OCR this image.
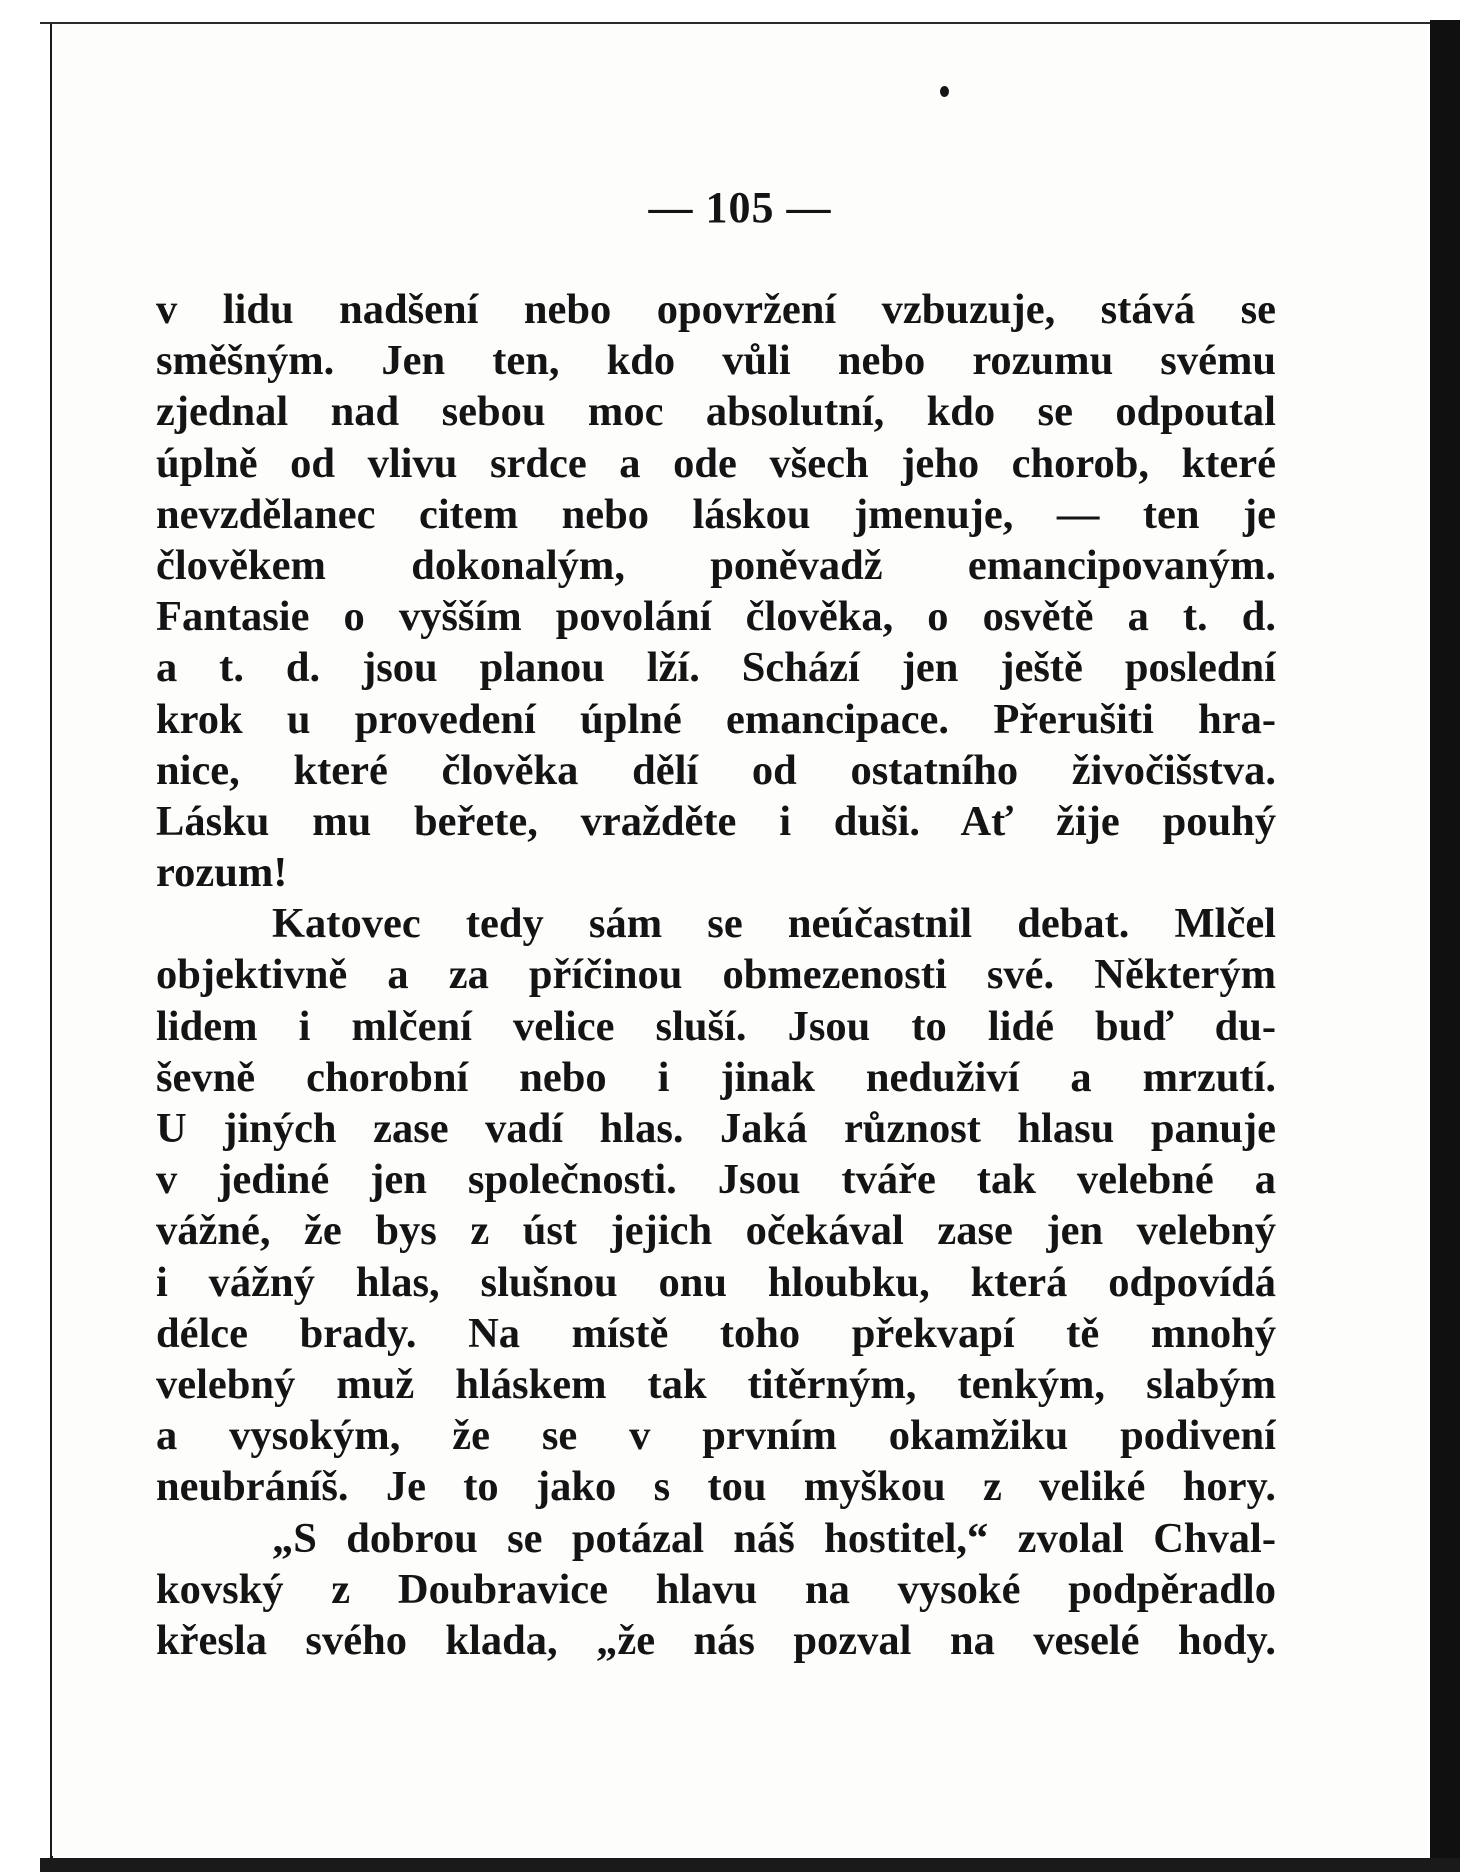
— 105 —
v lidu nadšení nebo opovržení vzbuzuje, stává se
směšným. Jen ten, kdo vůli nebo rozumu svému
zjednal nad sebou moc absolutní, kdo se odpoutal
úplně od vlivu srdce a ode všech jeho chorob, které
nevzdělanec citem nebo láskou jmenuje, — ten je
člověkem dokonalým, poněvadž emancipovaným.
Fantasie o vyšším povolání člověka, o osvětě a t. d.
a t. d. jsou planou lží. Schází jen ještě poslední
krok u provedení úplné emancipace. Přerušiti hra-
nice, které člověka dělí od ostatního živočišstva.
Lásku mu beřete, vražděte i duši. Ať žije pouhý
rozum!
Katovec tedy sám se neúčastnil debat. Mlčel
objektivně a za příčinou obmezenosti své. Některým
lidem i mlčení velice sluší. Jsou to lidé buď du-
ševně chorobní nebo i jinak neduživí a mrzutí.
U jiných zase vadí hlas. Jaká různost hlasu panuje
v jediné jen společnosti. Jsou tváře tak velebné a
vážné, že bys z úst jejich očekával zase jen velebný
i vážný hlas, slušnou onu hloubku, která odpovídá
délce brady. Na místě toho překvapí tě mnohý
velebný muž hláskem tak titěrným, tenkým, slabým
a vysokým, že se v prvním okamžiku podivení
neubráníš. Je to jako s tou myškou z veliké hory.
„S dobrou se potázal náš hostitel,“ zvolal Chval-
kovský z Doubravice hlavu na vysoké podpěradlo
křesla svého klada, „že nás pozval na veselé hody.
